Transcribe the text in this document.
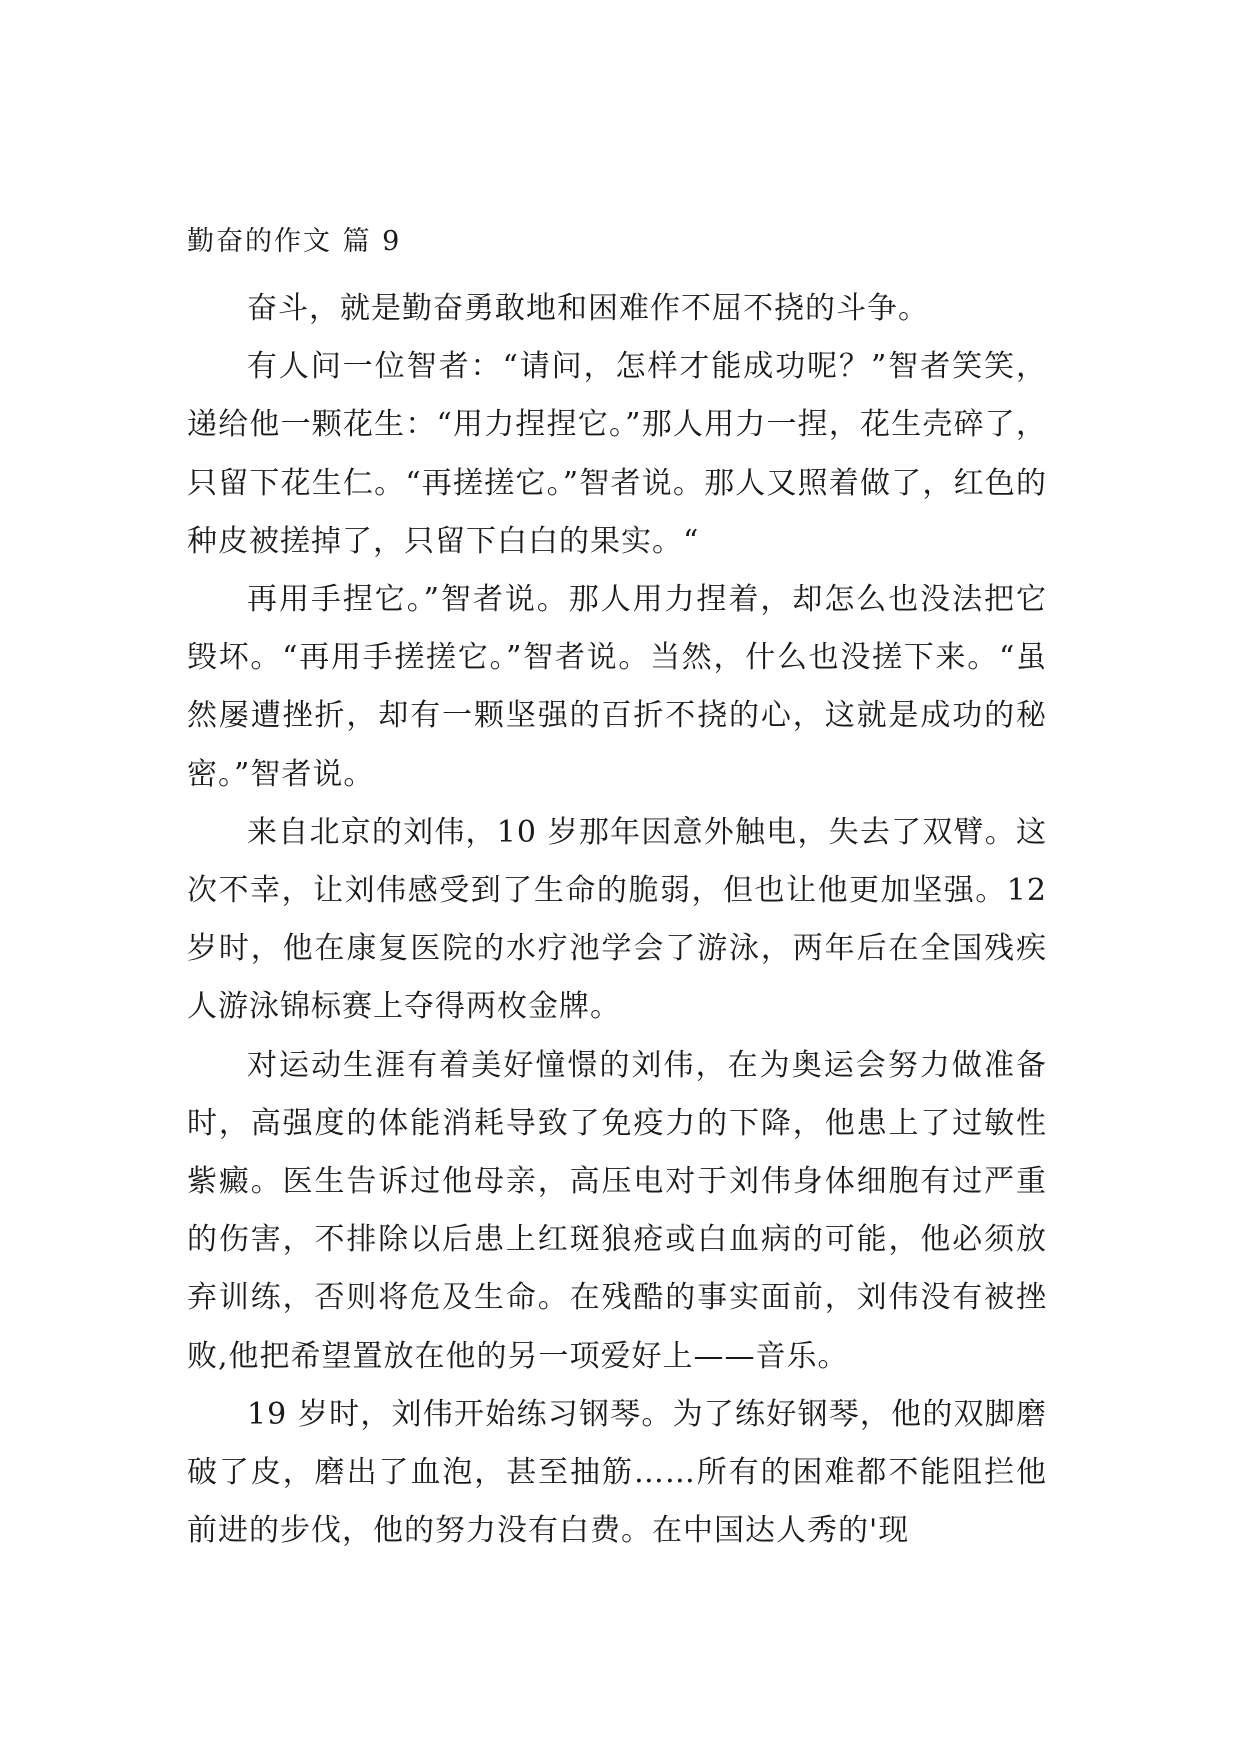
勤奋的作文 篇 9

奋斗，就是勤奋勇敢地和困难作不屈不挠的斗争。

有人问一位智者：“请问，怎样才能成功呢？”智者笑笑，递给他一颗花生：“用力捏捏它。”那人用力一捏，花生壳碎了，只留下花生仁。“再搓搓它。”智者说。那人又照着做了，红色的种皮被搓掉了，只留下白白的果实。“

再用手捏它。”智者说。那人用力捏着，却怎么也没法把它毁坏。“再用手搓搓它。”智者说。当然，什么也没搓下来。“虽然屡遭挫折，却有一颗坚强的百折不挠的心，这就是成功的秘密。”智者说。

来自北京的刘伟，10 岁那年因意外触电，失去了双臂。这次不幸，让刘伟感受到了生命的脆弱，但也让他更加坚强。12 岁时，他在康复医院的水疗池学会了游泳，两年后在全国残疾人游泳锦标赛上夺得两枚金牌。

对运动生涯有着美好憧憬的刘伟，在为奥运会努力做准备时，高强度的体能消耗导致了免疫力的下降，他患上了过敏性紫癜。医生告诉过他母亲，高压电对于刘伟身体细胞有过严重的伤害，不排除以后患上红斑狼疮或白血病的可能，他必须放弃训练，否则将危及生命。在残酷的事实面前，刘伟没有被挫败,他把希望置放在他的另一项爱好上——音乐。

19 岁时，刘伟开始练习钢琴。为了练好钢琴，他的双脚磨破了皮，磨出了血泡，甚至抽筋……所有的困难都不能阻拦他前进的步伐，他的努力没有白费。在中国达人秀的'现
